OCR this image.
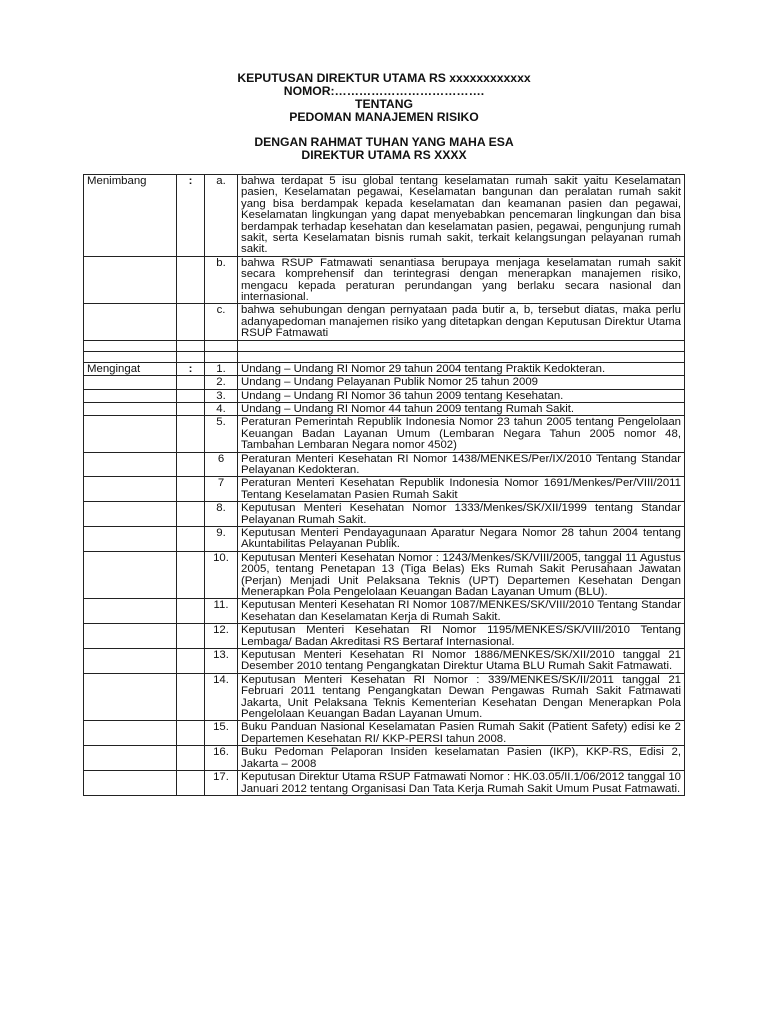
KEPUTUSAN DIREKTUR UTAMA RS xxxxxxxxxxxx
NOMOR:……………………………….
TENTANG
PEDOMAN MANAJEMEN RISIKO
DENGAN RAHMAT TUHAN YANG MAHA ESA
DIREKTUR UTAMA RS XXXX
Menimbang	:	a.	bahwa terdapat 5 isu global tentang keselamatan rumah sakit yaitu Keselamatan pasien, Keselamatan pegawai, Keselamatan bangunan dan peralatan rumah sakit yang bisa berdampak kepada keselamatan dan keamanan pasien dan pegawai, Keselamatan lingkungan yang dapat menyebabkan pencemaran lingkungan dan bisa berdampak terhadap kesehatan dan keselamatan pasien, pegawai, pengunjung rumah sakit, serta Keselamatan bisnis rumah sakit, terkait kelangsungan pelayanan rumah sakit.
		b.	bahwa RSUP Fatmawati senantiasa berupaya menjaga keselamatan rumah sakit secara komprehensif dan terintegrasi dengan menerapkan manajemen risiko, mengacu kepada peraturan perundangan yang berlaku secara nasional dan internasional.
		c.	bahwa sehubungan dengan pernyataan pada butir a, b, tersebut diatas, maka perlu adanyapedoman manajemen risiko yang ditetapkan dengan Keputusan Direktur Utama RSUP Fatmawati

Mengingat	:	1.	Undang – Undang RI Nomor 29 tahun 2004 tentang Praktik Kedokteran.
		2.	Undang – Undang Pelayanan Publik Nomor 25 tahun 2009
		3.	Undang – Undang RI Nomor 36 tahun 2009 tentang Kesehatan.
		4.	Undang – Undang RI Nomor 44 tahun 2009 tentang Rumah Sakit.
		5.	Peraturan Pemerintah Republik Indonesia Nomor 23 tahun 2005 tentang Pengelolaan Keuangan Badan Layanan Umum (Lembaran Negara Tahun 2005 nomor 48, Tambahan Lembaran Negara nomor 4502)
		6	Peraturan Menteri Kesehatan RI Nomor 1438/MENKES/Per/IX/2010 Tentang Standar Pelayanan Kedokteran.
		7	Peraturan Menteri Kesehatan Republik Indonesia Nomor 1691/Menkes/Per/VIII/2011 Tentang Keselamatan Pasien Rumah Sakit
		8.	Keputusan Menteri Kesehatan Nomor 1333/Menkes/SK/XII/1999 tentang Standar Pelayanan Rumah Sakit.
		9.	Keputusan Menteri Pendayagunaan Aparatur Negara Nomor 28 tahun 2004 tentang Akuntabilitas Pelayanan Publik.
		10.	Keputusan Menteri Kesehatan Nomor : 1243/Menkes/SK/VIII/2005, tanggal 11 Agustus 2005, tentang Penetapan 13 (Tiga Belas) Eks Rumah Sakit Perusahaan Jawatan (Perjan) Menjadi Unit Pelaksana Teknis (UPT) Departemen Kesehatan Dengan Menerapkan Pola Pengelolaan Keuangan Badan Layanan Umum (BLU).
		11.	Keputusan Menteri Kesehatan RI Nomor 1087/MENKES/SK/VIII/2010 Tentang Standar Kesehatan dan Keselamatan Kerja di Rumah Sakit.
		12.	Keputusan Menteri Kesehatan RI Nomor 1195/MENKES/SK/VIII/2010 Tentang Lembaga/ Badan Akreditasi RS Bertaraf Internasional.
		13.	Keputusan Menteri Kesehatan RI Nomor 1886/MENKES/SK/XII/2010 tanggal 21 Desember 2010 tentang Pengangkatan Direktur Utama BLU Rumah Sakit Fatmawati.
		14.	Keputusan Menteri Kesehatan RI Nomor : 339/MENKES/SK/II/2011 tanggal 21 Februari 2011 tentang Pengangkatan Dewan Pengawas Rumah Sakit Fatmawati Jakarta, Unit Pelaksana Teknis Kementerian Kesehatan Dengan Menerapkan Pola Pengelolaan Keuangan Badan Layanan Umum.
		15.	Buku Panduan Nasional Keselamatan Pasien Rumah Sakit (Patient Safety) edisi ke 2 Departemen Kesehatan RI/ KKP-PERSI tahun 2008.
		16.	Buku Pedoman Pelaporan Insiden keselamatan Pasien (IKP), KKP-RS, Edisi 2, Jakarta – 2008
		17.	Keputusan Direktur Utama RSUP Fatmawati Nomor : HK.03.05/II.1/06/2012 tanggal 10 Januari 2012 tentang Organisasi Dan Tata Kerja Rumah Sakit Umum Pusat Fatmawati.
